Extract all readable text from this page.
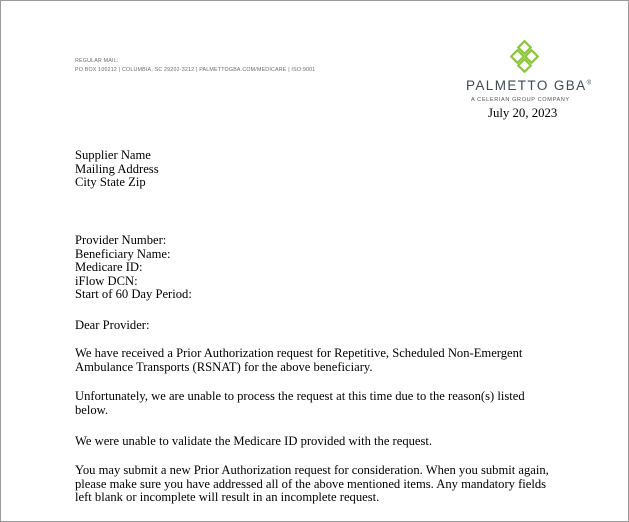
REGULAR MAIL:
PO BOX 100212 | COLUMBIA, SC 29202-3212 | PALMETTOGBA.COM/MEDICARE | ISO:9001
PALMETTO GBA®
A CELERIAN GROUP COMPANY
July 20, 2023
Supplier Name
Mailing Address
City State Zip
Provider Number:
Beneficiary Name:
Medicare ID:
iFlow DCN:
Start of 60 Day Period:
Dear Provider:
We have received a Prior Authorization request for Repetitive, Scheduled Non-Emergent
Ambulance Transports (RSNAT) for the above beneficiary.
Unfortunately, we are unable to process the request at this time due to the reason(s) listed
below.
We were unable to validate the Medicare ID provided with the request.
You may submit a new Prior Authorization request for consideration. When you submit again,
please make sure you have addressed all of the above mentioned items. Any mandatory fields
left blank or incomplete will result in an incomplete request.
